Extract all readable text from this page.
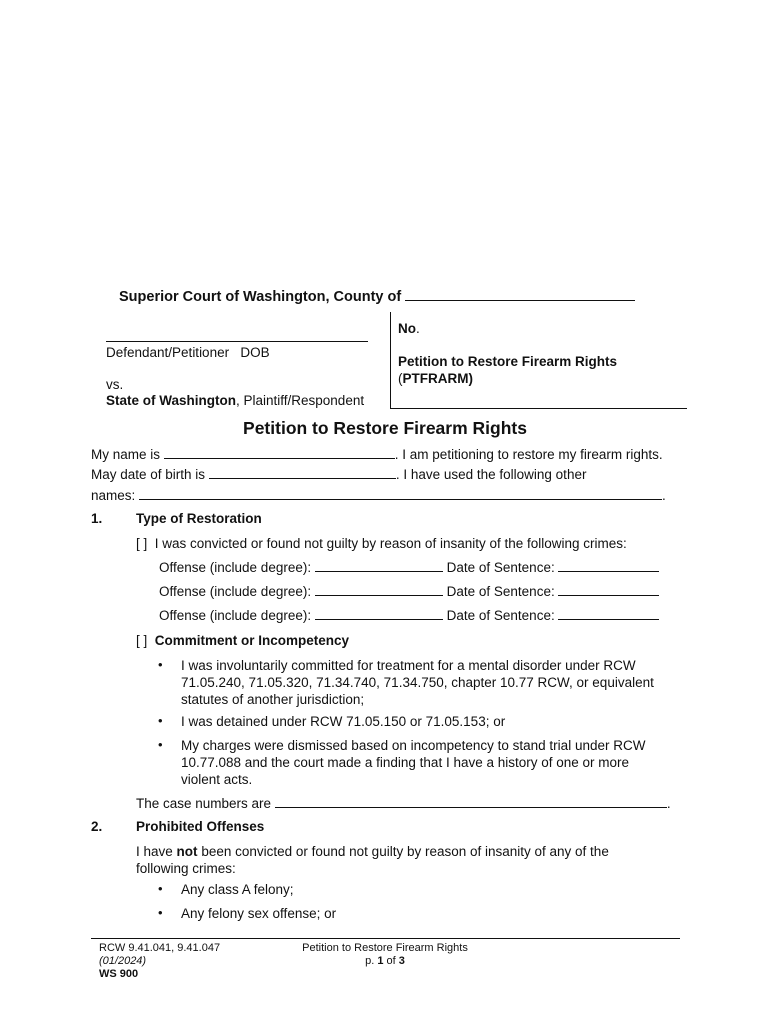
Superior Court of Washington, County of
Defendant/Petitioner DOB
vs.
State of Washington, Plaintiff/Respondent
No.
Petition to Restore Firearm Rights
(PTFRARM)
Petition to Restore Firearm Rights
My name is	. I am petitioning to restore my firearm rights.
May date of birth is	. I have used the following other
names:	.
1. Type of Restoration
[ ] I was convicted or found not guilty by reason of insanity of the following crimes:
Offense (include degree):	Date of Sentence:
Offense (include degree):	Date of Sentence:
Offense (include degree):	Date of Sentence:
[ ] Commitment or Incompetency
• I was involuntarily committed for treatment for a mental disorder under RCW 71.05.240, 71.05.320, 71.34.740, 71.34.750, chapter 10.77 RCW, or equivalent statutes of another jurisdiction;
• I was detained under RCW 71.05.150 or 71.05.153; or
• My charges were dismissed based on incompetency to stand trial under RCW 10.77.088 and the court made a finding that I have a history of one or more violent acts.
The case numbers are	.
2. Prohibited Offenses
I have not been convicted or found not guilty by reason of insanity of any of the following crimes:
• Any class A felony;
• Any felony sex offense; or
RCW 9.41.041, 9.41.047
(01/2024)
WS 900
Petition to Restore Firearm Rights
p. 1 of 3
